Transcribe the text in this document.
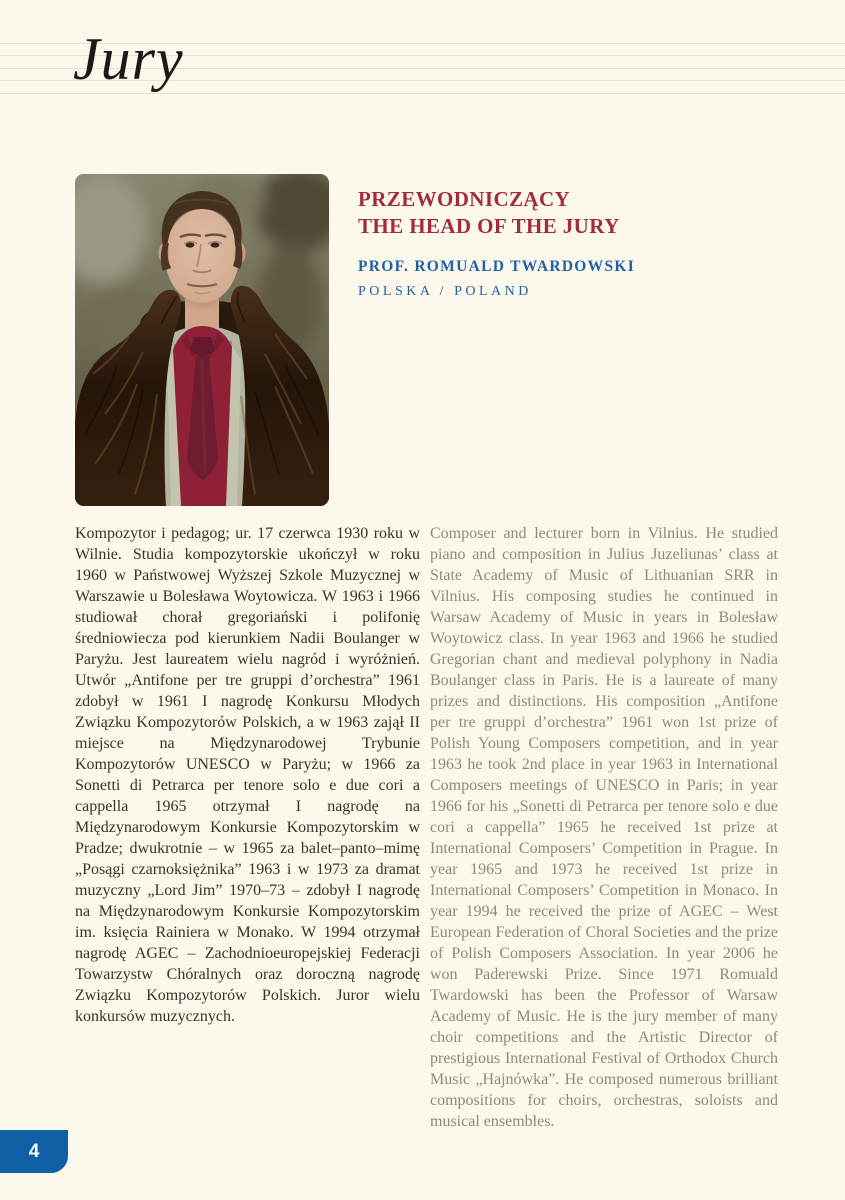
Jury
PRZEWODNICZĄCY
THE HEAD OF THE JURY
PROF. ROMUALD TWARDOWSKI
POLSKA / POLAND
Kompozytor i pedagog; ur. 17 czerwca 1930 roku w Wilnie. Studia kompozytorskie ukończył w roku 1960 w Państwowej Wyższej Szkole Muzycznej w Warszawie u Bolesława Woytowicza. W 1963 i 1966 studiował chorał gregoriański i polifonię średniowiecza pod kierunkiem Nadii Boulanger w Paryżu. Jest laureatem wielu nagród i wyróżnień. Utwór „Antifone per tre gruppi d’orchestra” 1961 zdobył w 1961 I nagrodę Konkursu Młodych Związku Kompozytorów Polskich, a w 1963 zajął II miejsce na Międzynarodowej Trybunie Kompozytorów UNESCO w Paryżu; w 1966 za Sonetti di Petrarca per tenore solo e due cori a cappella 1965 otrzymał I nagrodę na Międzynarodowym Konkursie Kompozytorskim w Pradze; dwukrotnie – w 1965 za balet–panto–mimę „Posągi czarnoksiężnika” 1963 i w 1973 za dramat muzyczny „Lord Jim” 1970–73 – zdobył I nagrodę na Międzynarodowym Konkursie Kompozytorskim im. księcia Rainiera w Monako. W 1994 otrzymał nagrodę AGEC – Zachodnioeuropejskiej Federacji Towarzystw Chóralnych oraz doroczną nagrodę Związku Kompozytorów Polskich. Juror wielu konkursów muzycznych.
Composer and lecturer born in Vilnius. He studied piano and composition in Julius Juzeliunas’ class at State Academy of Music of Lithuanian SRR in Vilnius. His composing studies he continued in Warsaw Academy of Music in years in Bolesław Woytowicz class. In year 1963 and 1966 he studied Gregorian chant and medieval polyphony in Nadia Boulanger class in Paris. He is a laureate of many prizes and distinctions. His composition „Antifone per tre gruppi d’orchestra” 1961 won 1st prize of Polish Young Composers competition, and in year 1963 he took 2nd place in year 1963 in International Composers meetings of UNESCO in Paris; in year 1966 for his „Sonetti di Petrarca per tenore solo e due cori a cappella” 1965 he received 1st prize at International Composers’ Competition in Prague. In year 1965 and 1973 he received 1st prize in International Composers’ Competition in Monaco. In year 1994 he received the prize of AGEC – West European Federation of Choral Societies and the prize of Polish Composers Association. In year 2006 he won Paderewski Prize. Since 1971 Romuald Twardowski has been the Professor of Warsaw Academy of Music. He is the jury member of many choir competitions and the Artistic Director of prestigious International Festival of Orthodox Church Music „Hajnówka”. He composed numerous brilliant compositions for choirs, orchestras, soloists and musical ensembles.
4
